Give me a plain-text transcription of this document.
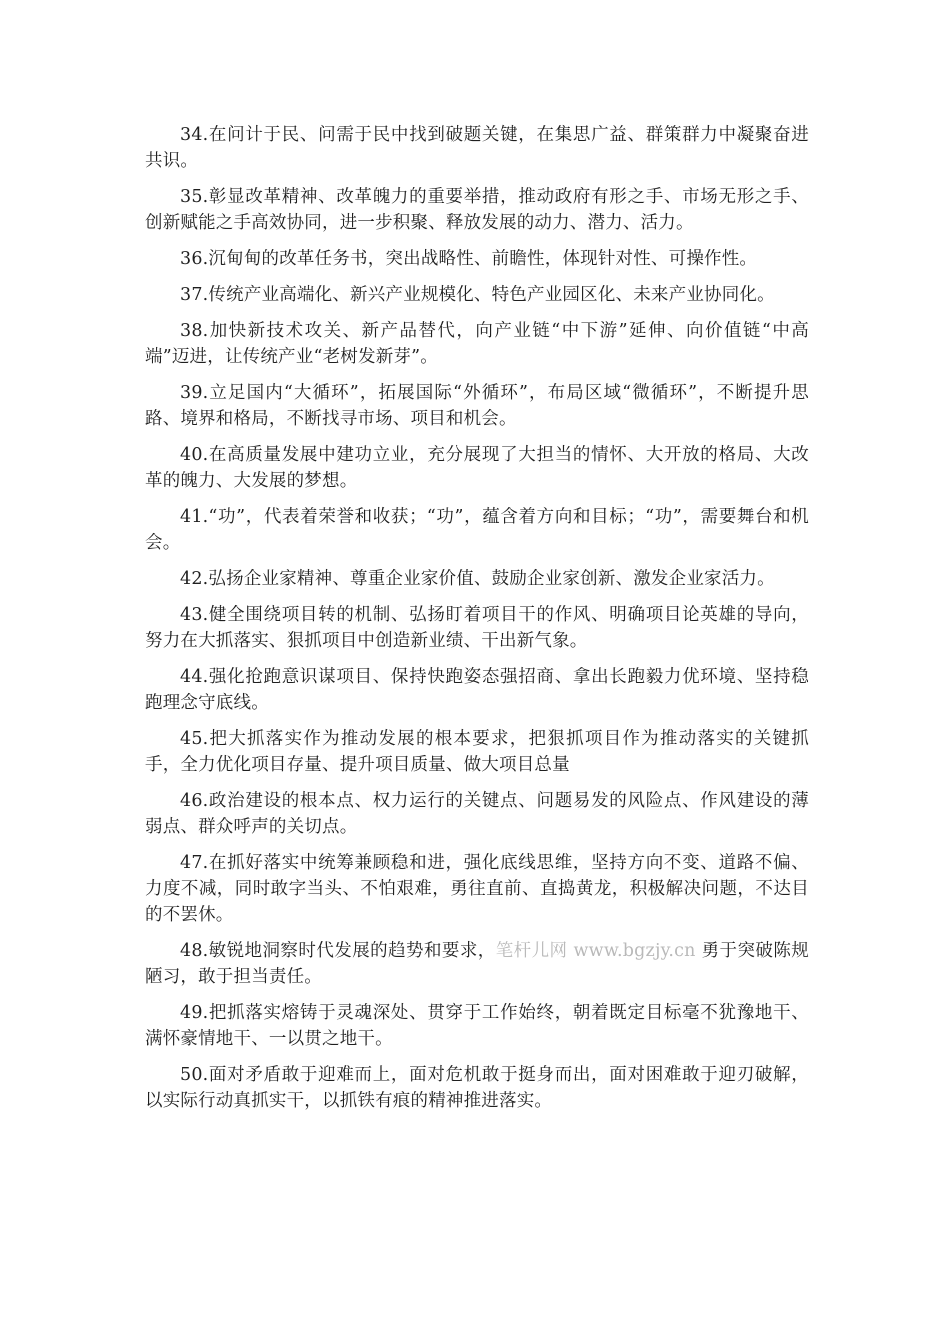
34.在问计于民、问需于民中找到破题关键，在集思广益、群策群力中凝聚奋进共识。

35.彰显改革精神、改革魄力的重要举措，推动政府有形之手、市场无形之手、创新赋能之手高效协同，进一步积聚、释放发展的动力、潜力、活力。

36.沉甸甸的改革任务书，突出战略性、前瞻性，体现针对性、可操作性。

37.传统产业高端化、新兴产业规模化、特色产业园区化、未来产业协同化。

38.加快新技术攻关、新产品替代，向产业链“中下游”延伸、向价值链“中高端”迈进，让传统产业“老树发新芽”。

39.立足国内“大循环”，拓展国际“外循环”，布局区域“微循环”，不断提升思路、境界和格局，不断找寻市场、项目和机会。

40.在高质量发展中建功立业，充分展现了大担当的情怀、大开放的格局、大改革的魄力、大发展的梦想。

41.“功”，代表着荣誉和收获；“功”，蕴含着方向和目标；“功”，需要舞台和机会。

42.弘扬企业家精神、尊重企业家价值、鼓励企业家创新、激发企业家活力。

43.健全围绕项目转的机制、弘扬盯着项目干的作风、明确项目论英雄的导向，努力在大抓落实、狠抓项目中创造新业绩、干出新气象。

44.强化抢跑意识谋项目、保持快跑姿态强招商、拿出长跑毅力优环境、坚持稳跑理念守底线。

45.把大抓落实作为推动发展的根本要求，把狠抓项目作为推动落实的关键抓手，全力优化项目存量、提升项目质量、做大项目总量

46.政治建设的根本点、权力运行的关键点、问题易发的风险点、作风建设的薄弱点、群众呼声的关切点。

47.在抓好落实中统筹兼顾稳和进，强化底线思维，坚持方向不变、道路不偏、力度不减，同时敢字当头、不怕艰难，勇往直前、直捣黄龙，积极解决问题，不达目的不罢休。

48.敏锐地洞察时代发展的趋势和要求，笔杆儿网 www.bgzjy.cn 勇于突破陈规陋习，敢于担当责任。

49.把抓落实熔铸于灵魂深处、贯穿于工作始终，朝着既定目标毫不犹豫地干、满怀豪情地干、一以贯之地干。

50.面对矛盾敢于迎难而上，面对危机敢于挺身而出，面对困难敢于迎刃破解，以实际行动真抓实干，以抓铁有痕的精神推进落实。
